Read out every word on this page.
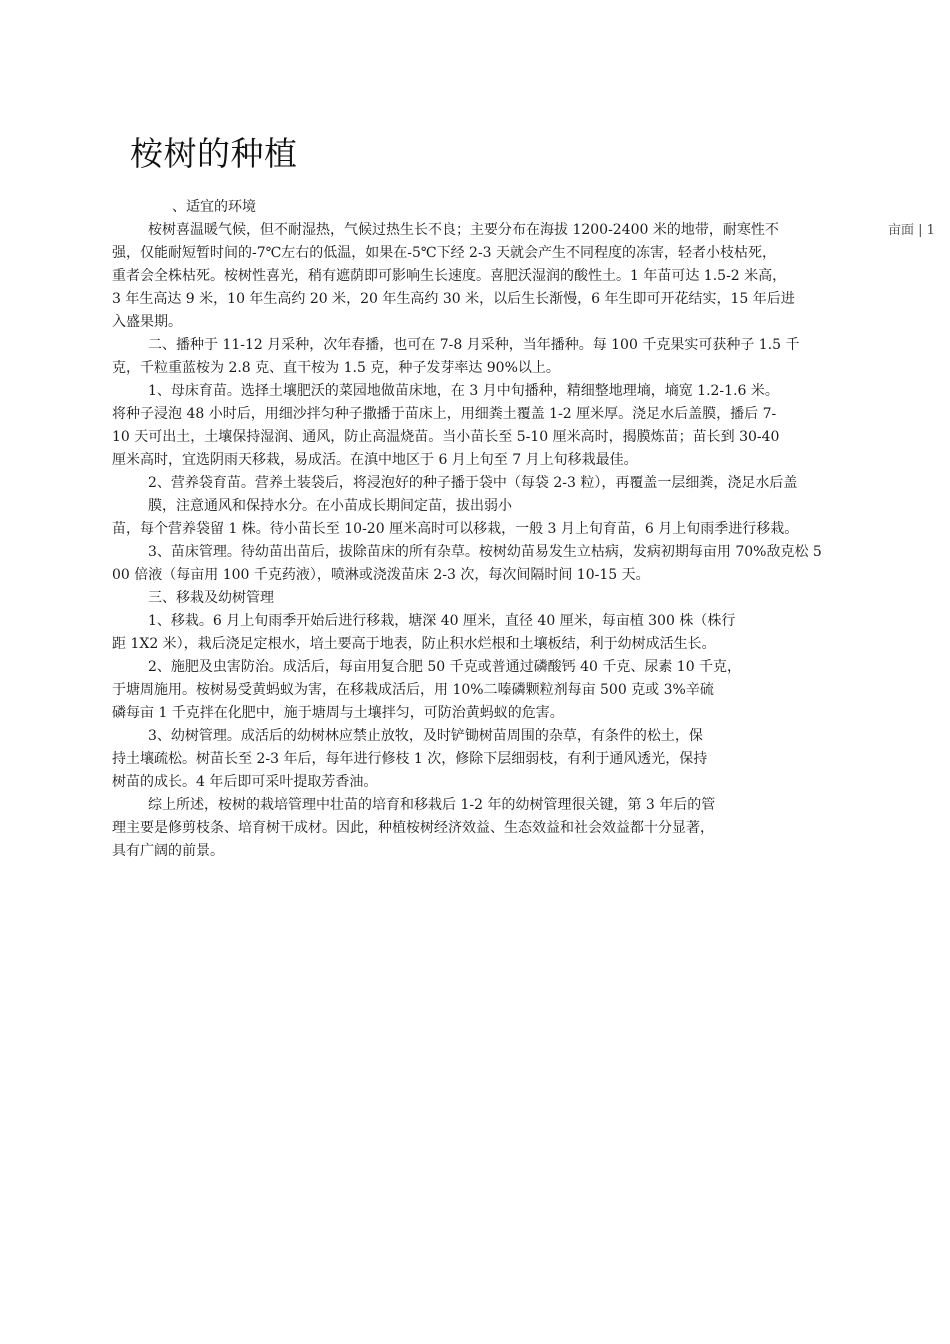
桉树的种植
亩面 | 1
、适宜的环境
桉树喜温暖气候，但不耐湿热，气候过热生长不良；主要分布在海拔 1200-2400 米的地带，耐寒性不
强，仅能耐短暂时间的-7℃左右的低温，如果在-5℃下经 2-3 天就会产生不同程度的冻害，轻者小枝枯死，
重者会全株枯死。桉树性喜光，稍有遮荫即可影响生长速度。喜肥沃湿润的酸性土。1 年苗可达 1.5-2 米高，
3 年生高达 9 米，10 年生高约 20 米，20 年生高约 30 米，以后生长渐慢，6 年生即可开花结实，15 年后进
入盛果期。
二、播种于 11-12 月采种，次年春播，也可在 7-8 月采种，当年播种。每 100 千克果实可获种子 1.5 千
克，千粒重蓝桉为 2.8 克、直干桉为 1.5 克，种子发芽率达 90%以上。
1、母床育苗。选择土壤肥沃的菜园地做苗床地，在 3 月中旬播种，精细整地理墒，墒宽 1.2-1.6 米。
将种子浸泡 48 小时后，用细沙拌匀种子撒播于苗床上，用细粪土覆盖 1-2 厘米厚。浇足水后盖膜，播后 7-
10 天可出土，土壤保持湿润、通风，防止高温烧苗。当小苗长至 5-10 厘米高时，揭膜炼苗；苗长到 30-40
厘米高时，宜选阴雨天移栽，易成活。在滇中地区于 6 月上旬至 7 月上旬移栽最佳。
2、营养袋育苗。营养土装袋后，将浸泡好的种子播于袋中（每袋 2-3 粒），再覆盖一层细粪，浇足水后盖
膜，注意通风和保持水分。在小苗成长期间定苗，拔出弱小
苗，每个营养袋留 1 株。待小苗长至 10-20 厘米高时可以移栽，一般 3 月上旬育苗，6 月上旬雨季进行移栽。
3、苗床管理。待幼苗出苗后，拔除苗床的所有杂草。桉树幼苗易发生立枯病，发病初期每亩用 70%敌克松 5
00 倍液（每亩用 100 千克药液），喷淋或浇泼苗床 2-3 次，每次间隔时间 10-15 天。
三、移栽及幼树管理
1、移栽。6 月上旬雨季开始后进行移栽，塘深 40 厘米，直径 40 厘米，每亩植 300 株（株行
距 1X2 米），栽后浇足定根水，培土要高于地表，防止积水烂根和土壤板结，利于幼树成活生长。
2、施肥及虫害防治。成活后，每亩用复合肥 50 千克或普通过磷酸钙 40 千克、尿素 10 千克，
于塘周施用。桉树易受黄蚂蚁为害，在移栽成活后，用 10%二嗪磷颗粒剂每亩 500 克或 3%辛硫
磷每亩 1 千克拌在化肥中，施于塘周与土壤拌匀，可防治黄蚂蚁的危害。
3、幼树管理。成活后的幼树林应禁止放牧，及时铲锄树苗周围的杂草，有条件的松土，保
持土壤疏松。树苗长至 2-3 年后，每年进行修枝 1 次，修除下层细弱枝，有利于通风透光，保持
树苗的成长。4 年后即可采叶提取芳香油。
综上所述，桉树的栽培管理中壮苗的培育和移栽后 1-2 年的幼树管理很关键，第 3 年后的管
理主要是修剪枝条、培育树干成材。因此，种植桉树经济效益、生态效益和社会效益都十分显著，
具有广阔的前景。
